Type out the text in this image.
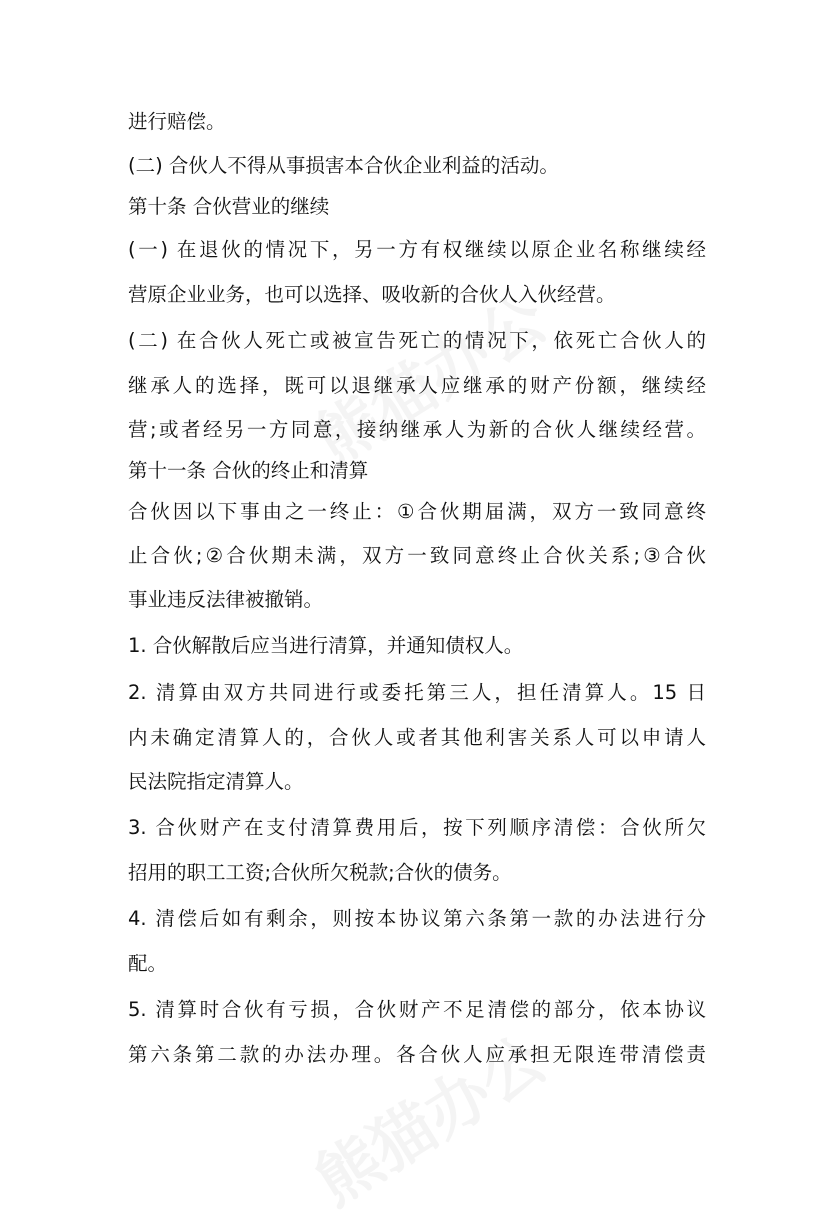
进行赔偿。
(二) 合伙人不得从事损害本合伙企业利益的活动。
第十条 合伙营业的继续
(一) 在退伙的情况下，另一方有权继续以原企业名称继续经
营原企业业务，也可以选择、吸收新的合伙人入伙经营。
(二) 在合伙人死亡或被宣告死亡的情况下，依死亡合伙人的
继承人的选择，既可以退继承人应继承的财产份额，继续经
营;或者经另一方同意，接纳继承人为新的合伙人继续经营。
第十一条 合伙的终止和清算
合伙因以下事由之一终止：①合伙期届满，双方一致同意终
止合伙;②合伙期未满，双方一致同意终止合伙关系;③合伙
事业违反法律被撤销。
1. 合伙解散后应当进行清算，并通知债权人。
2. 清算由双方共同进行或委托第三人，担任清算人。15 日
内未确定清算人的，合伙人或者其他利害关系人可以申请人
民法院指定清算人。
3. 合伙财产在支付清算费用后，按下列顺序清偿：合伙所欠
招用的职工工资;合伙所欠税款;合伙的债务。
4. 清偿后如有剩余，则按本协议第六条第一款的办法进行分
配。
5. 清算时合伙有亏损，合伙财产不足清偿的部分，依本协议
第六条第二款的办法办理。各合伙人应承担无限连带清偿责
